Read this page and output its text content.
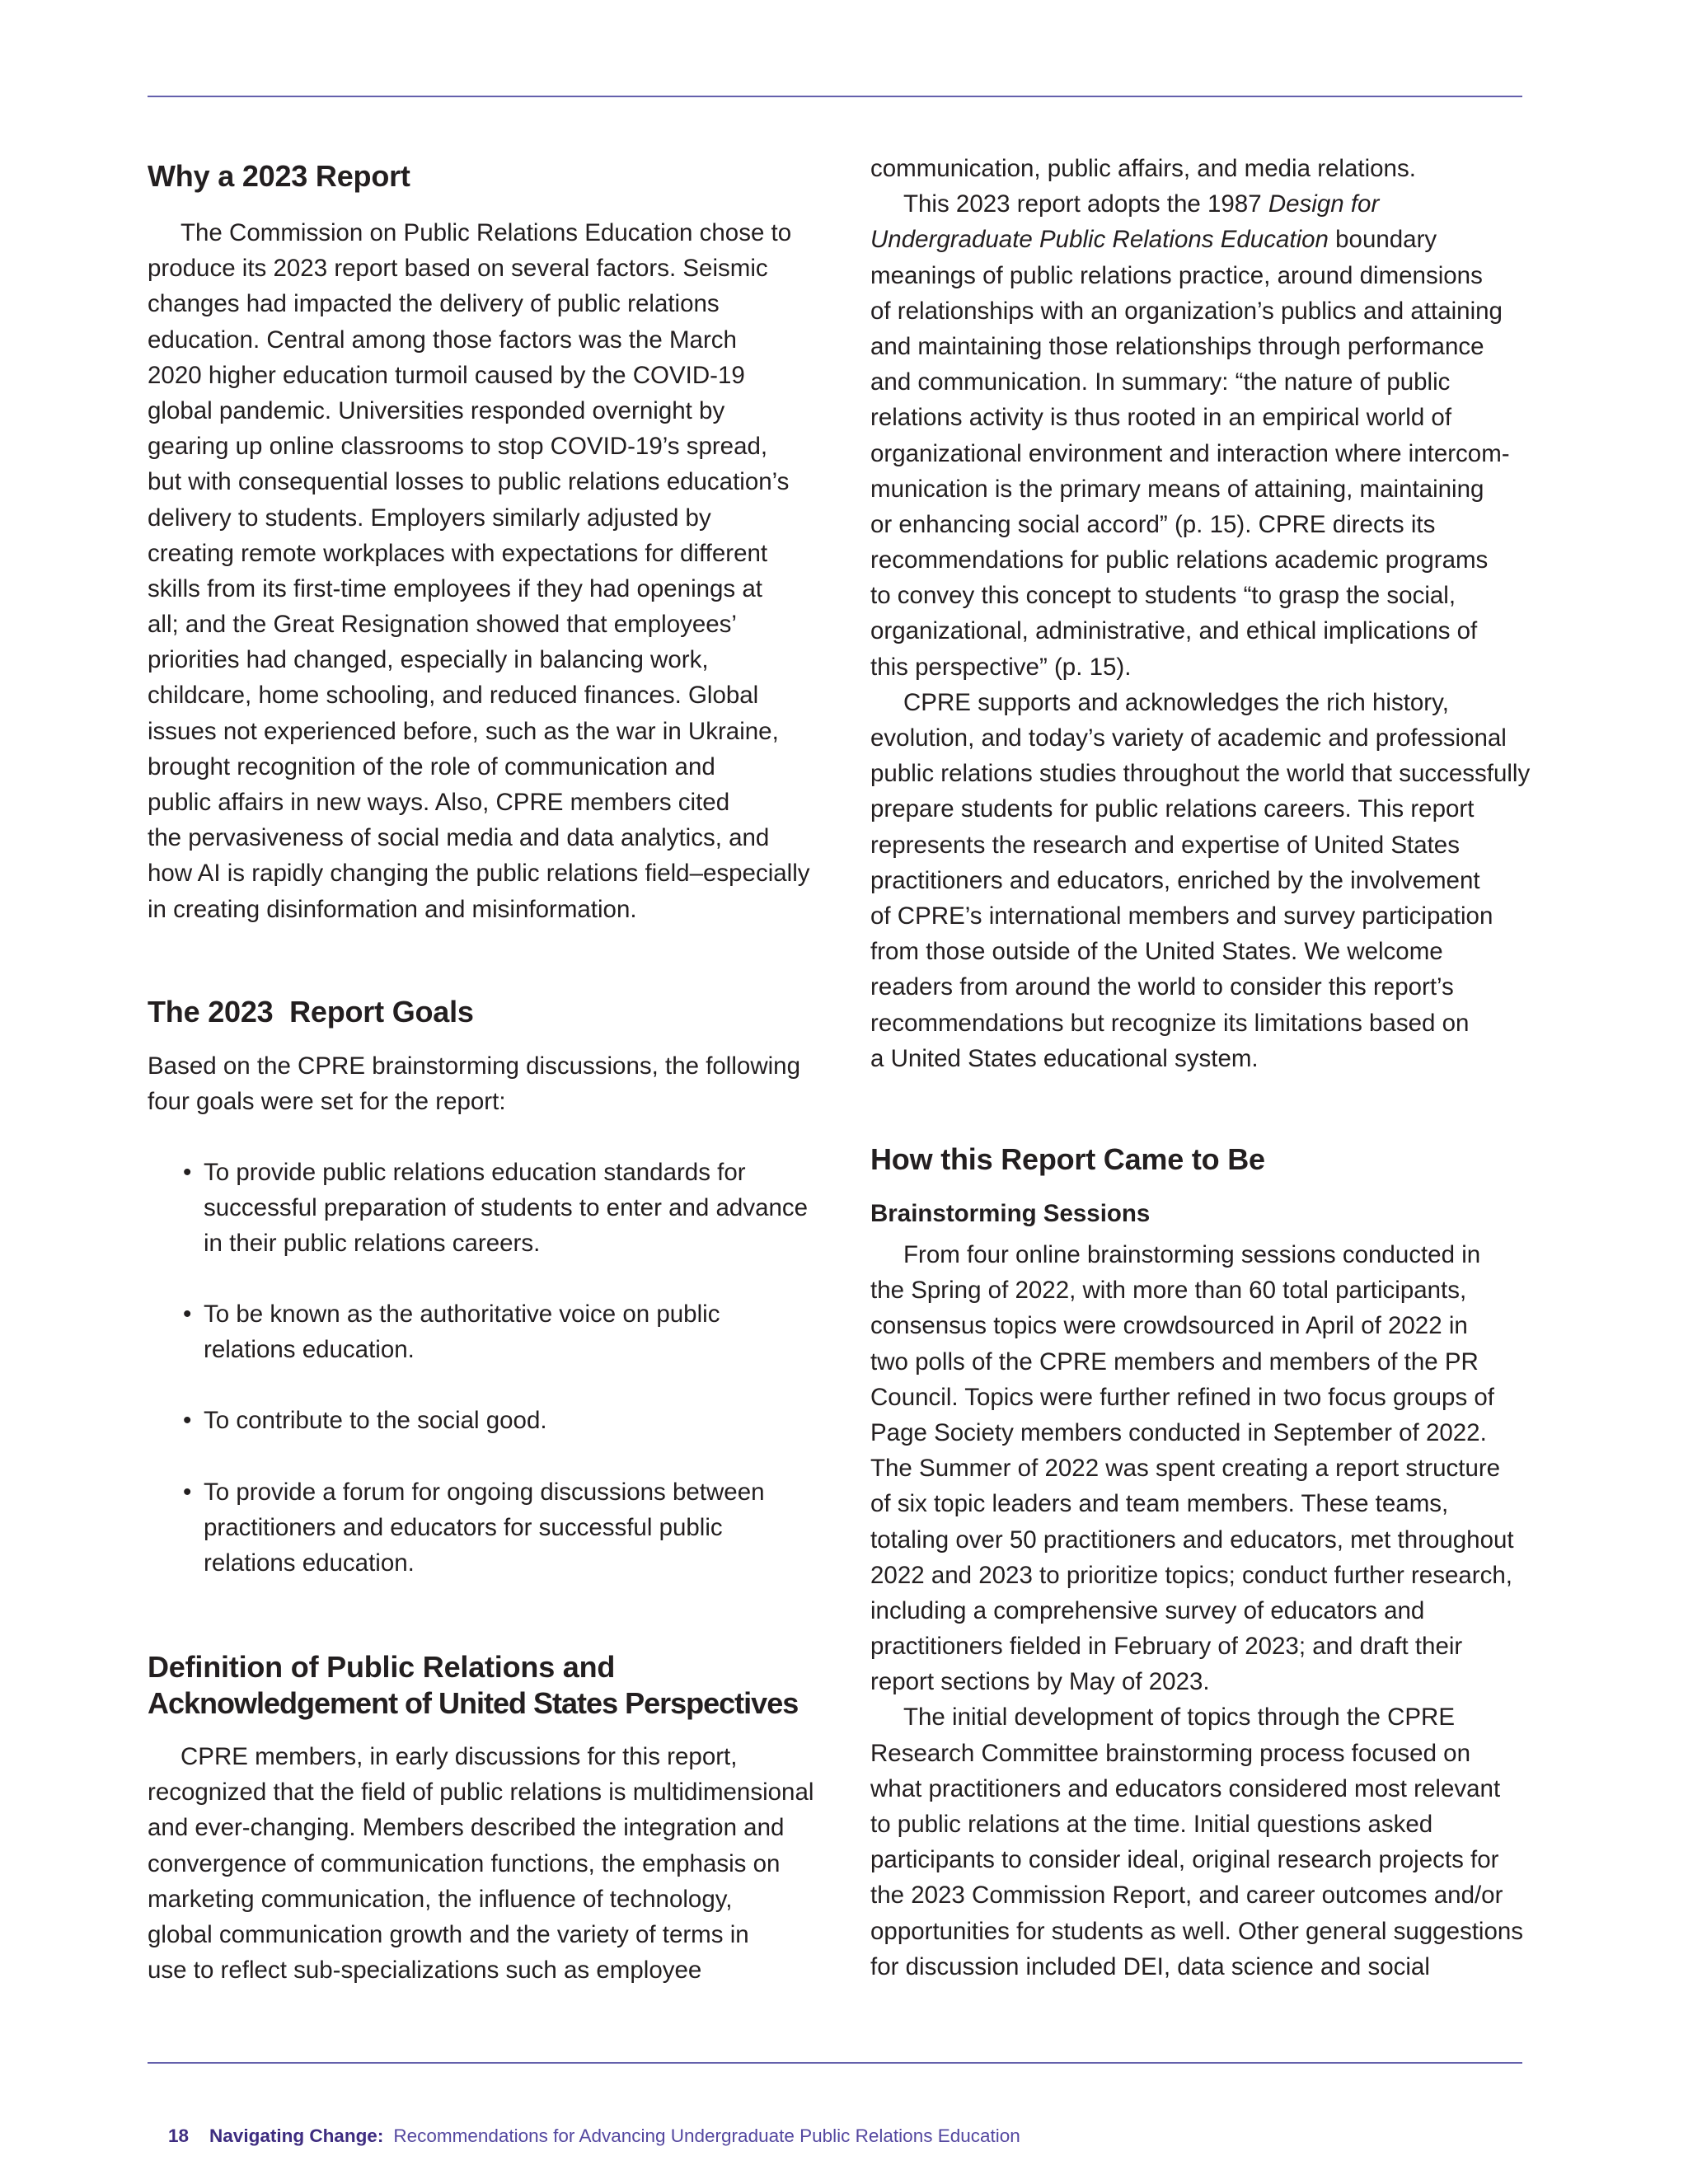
Why a 2023 Report
The Commission on Public Relations Education chose to
produce its 2023 report based on several factors. Seismic
changes had impacted the delivery of public relations
education. Central among those factors was the March
2020 higher education turmoil caused by the COVID-19
global pandemic. Universities responded overnight by
gearing up online classrooms to stop COVID-19’s spread,
but with consequential losses to public relations education’s
delivery to students. Employers similarly adjusted by
creating remote workplaces with expectations for different
skills from its first-time employees if they had openings at
all; and the Great Resignation showed that employees’
priorities had changed, especially in balancing work,
childcare, home schooling, and reduced finances. Global
issues not experienced before, such as the war in Ukraine,
brought recognition of the role of communication and
public affairs in new ways. Also, CPRE members cited
the pervasiveness of social media and data analytics, and
how AI is rapidly changing the public relations field–especially
in creating disinformation and misinformation.
The 2023  Report Goals
Based on the CPRE brainstorming discussions, the following
four goals were set for the report:
• To provide public relations education standards for
successful preparation of students to enter and advance
in their public relations careers.
• To be known as the authoritative voice on public
relations education.
• To contribute to the social good.
• To provide a forum for ongoing discussions between
practitioners and educators for successful public
relations education.
Definition of Public Relations and
Acknowledgement of United States Perspectives
CPRE members, in early discussions for this report,
recognized that the field of public relations is multidimensional
and ever-changing. Members described the integration and
convergence of communication functions, the emphasis on
marketing communication, the influence of technology,
global communication growth and the variety of terms in
use to reflect sub-specializations such as employee
communication, public affairs, and media relations.
This 2023 report adopts the 1987 Design for
Undergraduate Public Relations Education boundary
meanings of public relations practice, around dimensions
of relationships with an organization’s publics and attaining
and maintaining those relationships through performance
and communication. In summary: “the nature of public
relations activity is thus rooted in an empirical world of
organizational environment and interaction where intercom-
munication is the primary means of attaining, maintaining
or enhancing social accord” (p. 15). CPRE directs its
recommendations for public relations academic programs
to convey this concept to students “to grasp the social,
organizational, administrative, and ethical implications of
this perspective” (p. 15).
CPRE supports and acknowledges the rich history,
evolution, and today’s variety of academic and professional
public relations studies throughout the world that successfully
prepare students for public relations careers. This report
represents the research and expertise of United States
practitioners and educators, enriched by the involvement
of CPRE’s international members and survey participation
from those outside of the United States. We welcome
readers from around the world to consider this report’s
recommendations but recognize its limitations based on
a United States educational system.
How this Report Came to Be
Brainstorming Sessions
From four online brainstorming sessions conducted in
the Spring of 2022, with more than 60 total participants,
consensus topics were crowdsourced in April of 2022 in
two polls of the CPRE members and members of the PR
Council. Topics were further refined in two focus groups of
Page Society members conducted in September of 2022.
The Summer of 2022 was spent creating a report structure
of six topic leaders and team members. These teams,
totaling over 50 practitioners and educators, met throughout
2022 and 2023 to prioritize topics; conduct further research,
including a comprehensive survey of educators and
practitioners fielded in February of 2023; and draft their
report sections by May of 2023.
The initial development of topics through the CPRE
Research Committee brainstorming process focused on
what practitioners and educators considered most relevant
to public relations at the time. Initial questions asked
participants to consider ideal, original research projects for
the 2023 Commission Report, and career outcomes and/or
opportunities for students as well. Other general suggestions
for discussion included DEI, data science and social

18 Navigating Change: Recommendations for Advancing Undergraduate Public Relations Education
